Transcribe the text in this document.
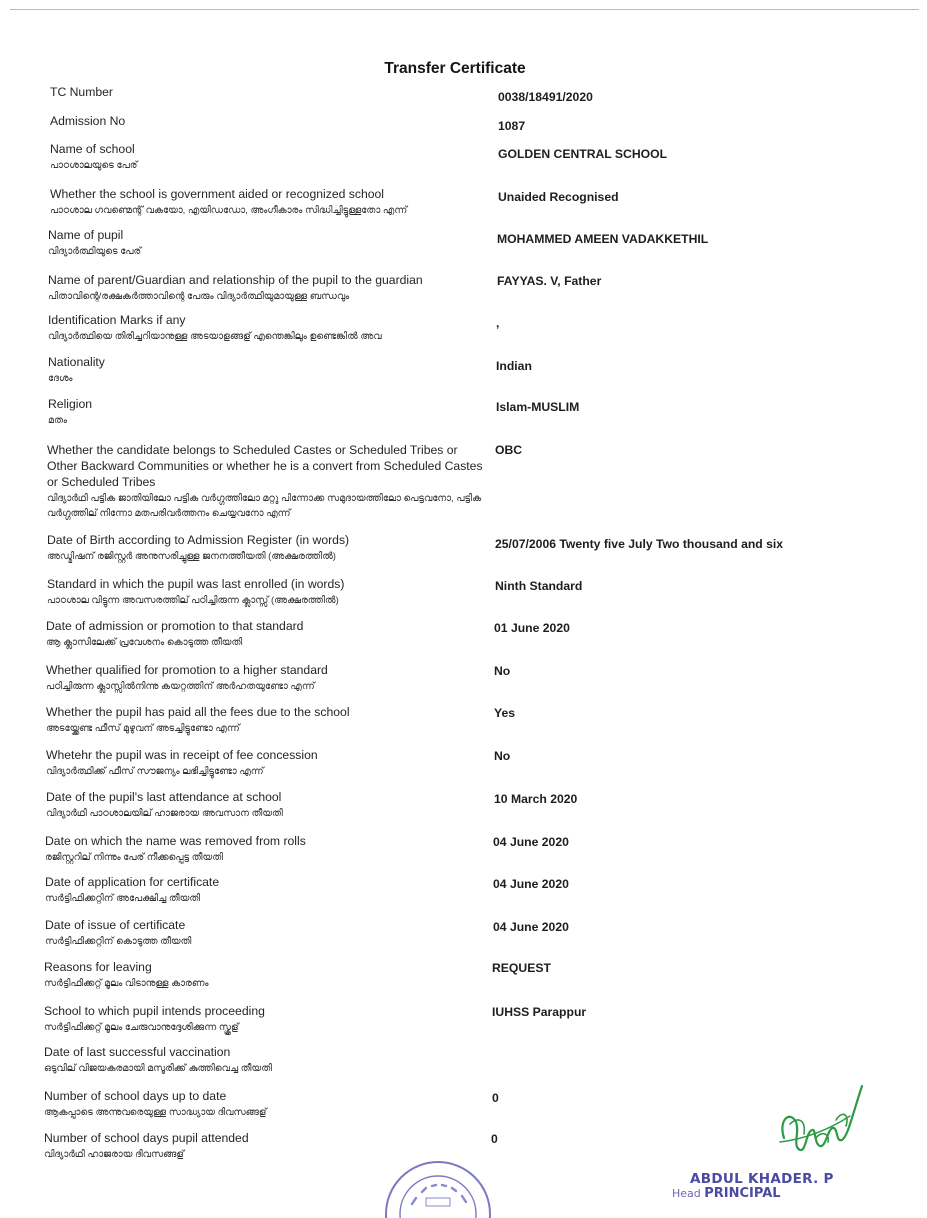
Transfer Certificate
TC Number	0038/18491/2020
Admission No	1087
Name of school
പാഠശാലയുടെ പേര്
GOLDEN CENTRAL SCHOOL
Whether the school is government aided or recognized school
പാഠശാല ഗവണ്മെന്റ് വകയോ, എയിഡഡോ, അംഗീകാരം സിദ്ധിച്ചിട്ടുള്ളതോ എന്ന്
Unaided Recognised
Name of pupil
വിദ്യാർത്ഥിയുടെ പേര്
MOHAMMED AMEEN VADAKKETHIL
Name of parent/Guardian and relationship of the pupil to the guardian
പിതാവിന്റെ/രക്ഷകർത്താവിന്റെ പേരും വിദ്യാർത്ഥിയുമായുള്ള ബന്ധവും
FAYYAS. V, Father
Identification Marks if any
വിദ്യാർത്ഥിയെ തിരിച്ചറിയാനുള്ള അടയാളങ്ങള് എന്തെങ്കിലും ഉണ്ടെങ്കിൽ അവ
,
Nationality
ദേശം
Indian
Religion
മതം
Islam-MUSLIM
Whether the candidate belongs to Scheduled Castes or Scheduled Tribes or Other Backward Communities or whether he is a convert from Scheduled Castes or Scheduled Tribes
വിദ്യാർഥി പട്ടിക ജാതിയിലോ പട്ടിക വർഗ്ഗത്തിലോ മറ്റു പിന്നോക്ക സമുദായത്തിലോ പെട്ടവനോ, പട്ടിക വർഗ്ഗത്തില് നിന്നോ മതപരിവർത്തനം ചെയ്യവനോ എന്ന്
OBC
Date of Birth according to Admission Register (in words)
അഡ്മിഷന് രജിസ്റ്റർ അനുസരിച്ചുള്ള ജനനത്തീയതി (അക്ഷരത്തിൽ)
25/07/2006 Twenty five July Two thousand and six
Standard in which the pupil was last enrolled (in words)
പാഠശാല വിട്ടുന്ന അവസരത്തില് പഠിച്ചിരുന്ന ക്ലാസ്സ് (അക്ഷരത്തിൽ)
Ninth Standard
Date of admission or promotion to that standard
ആ ക്ലാസിലേക്ക് പ്രവേശനം കൊടുത്ത തീയതി
01 June 2020
Whether qualified for promotion to a higher standard
പഠിച്ചിരുന്ന ക്ലാസ്സിൽനിന്നു കയറ്റത്തിന് അർഹതയുണ്ടോ എന്ന്
No
Whether the pupil has paid all the fees due to the school
അടയ്ക്കേണ്ട ഫീസ് മുഴുവന് അടച്ചിട്ടുണ്ടോ എന്ന്
Yes
Whetehr the pupil was in receipt of fee concession
വിദ്യാർത്ഥിക്ക് ഫീസ് സൗജന്യം ലഭിച്ചിട്ടുണ്ടോ എന്ന്
No
Date of the pupil's last attendance at school
വിദ്യാർഥി പാഠശാലയില് ഹാജരായ അവസാന തീയതി
10 March 2020
Date on which the name was removed from rolls
രജിസ്റ്ററില് നിന്നും പേര് നീക്കപ്പെട്ട തീയതി
04 June 2020
Date of application for certificate
സർട്ടിഫിക്കറ്റിന് അപേക്ഷിച്ച തീയതി
04 June 2020
Date of issue of certificate
സർട്ടിഫിക്കറ്റിന് കൊടുത്ത തീയതി
04 June 2020
Reasons for leaving
സർട്ടിഫിക്കറ്റ് മൂലം വിടാനുള്ള കാരണം
REQUEST
School to which pupil intends proceeding
സർട്ടിഫിക്കറ്റ് മൂലം ചേരുവാനുദ്ദേശിക്കുന്ന സ്കൂള്
IUHSS Parappur
Date of last successful vaccination
ഒടുവില് വിജയകരമായി മസൂരിക്ക് കുത്തിവെച്ച തീയതി
Number of school days up to date
ആകപ്പാടെ അന്നുവരെയുള്ള സാദ്ധ്യായ ദിവസങ്ങള്
0
Number of school days pupil attended
വിദ്യാർഥി ഹാജരായ ദിവസങ്ങള്
0
ABDUL KHADER. P
Head PRINCIPAL
